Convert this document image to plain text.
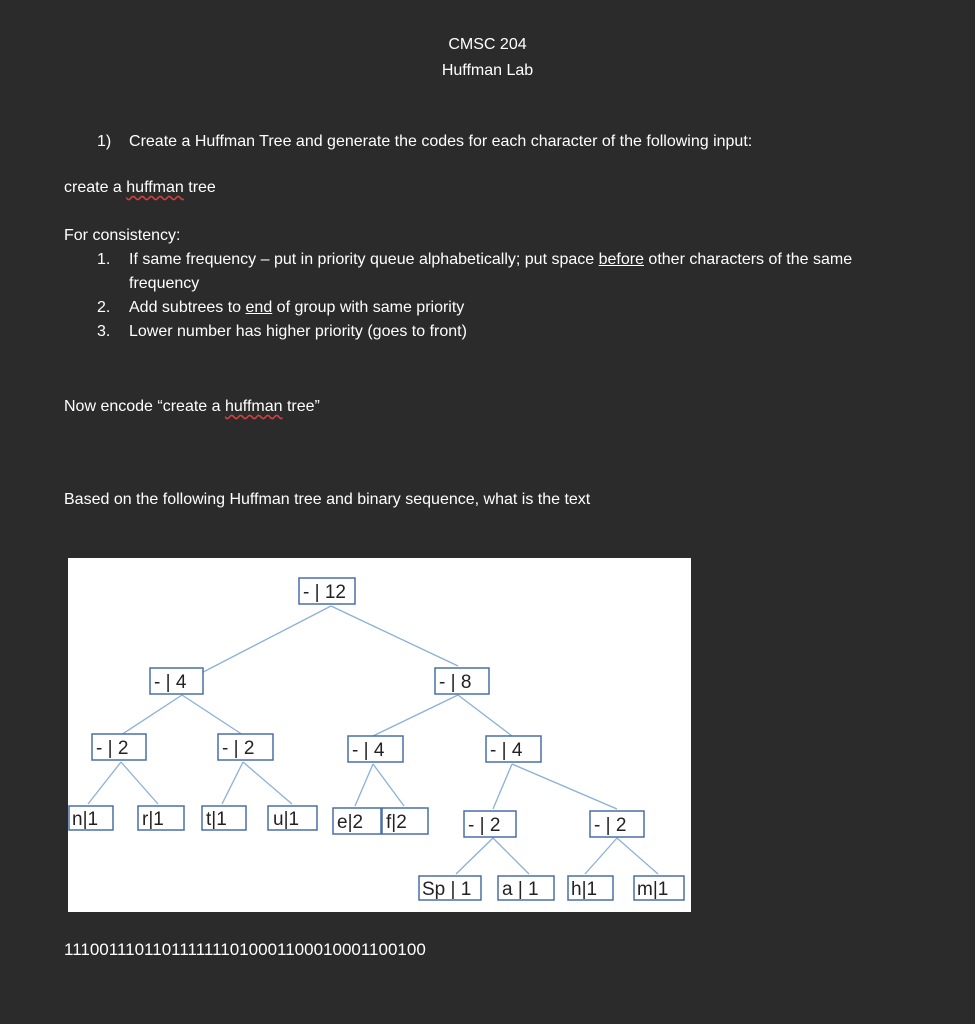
CMSC 204
Huffman Lab
1) Create a Huffman Tree and generate the codes for each character of the following input:
create a huffman tree
For consistency:
1. If same frequency – put in priority queue alphabetically; put space before other characters of the same frequency
2. Add subtrees to end of group with same priority
3. Lower number has higher priority (goes to front)
Now encode “create a huffman tree”
Based on the following Huffman tree and binary sequence, what is the text
- | 12
- | 4	- | 8
- | 2	- | 2	- | 4	- | 4
n|1 r|1 t|1 u|1 e|2 f|2	- | 2	- | 2
Sp | 1 a | 1 h|1 m|1
1110011101101111111010001100010001100100
